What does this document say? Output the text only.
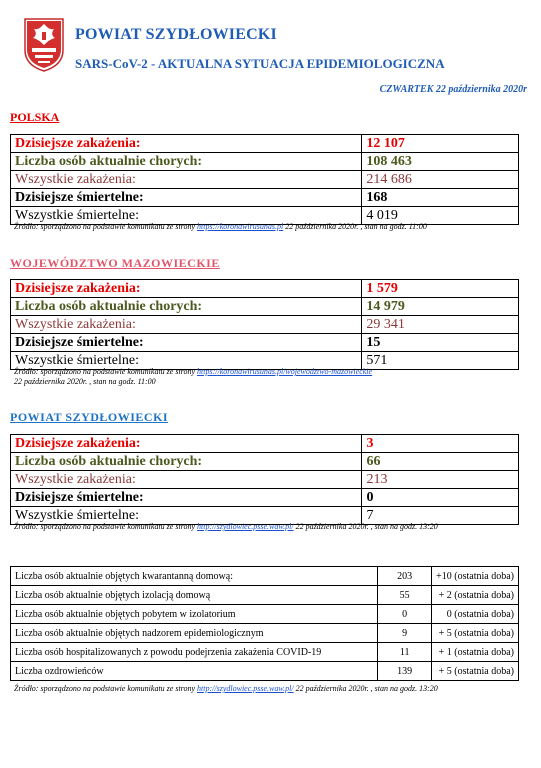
POWIAT SZYDŁOWIECKI
SARS-CoV-2 - AKTUALNA SYTUACJA EPIDEMIOLOGICZNA
CZWARTEK 22 października 2020r
POLSKA
Dzisiejsze zakażenia:	12 107
Liczba osób aktualnie chorych:	108 463
Wszystkie zakażenia:	214 686
Dzisiejsze śmiertelne:	168
Wszystkie śmiertelne:	4 019
Źródło: sporządzono na podstawie komunikatu ze strony https://koronawirusunas.pl 22 października 2020r. , stan na godz. 11:00
WOJEWÓDZTWO MAZOWIECKIE
Dzisiejsze zakażenia:	1 579
Liczba osób aktualnie chorych:	14 979
Wszystkie zakażenia:	29 341
Dzisiejsze śmiertelne:	15
Wszystkie śmiertelne:	571
Źródło: sporządzono na podstawie komunikatu ze strony https://koronawirusunas.pl/wojewodztwo-mazowieckie
22 października 2020r. , stan na godz. 11:00
POWIAT SZYDŁOWIECKI
Dzisiejsze zakażenia:	3
Liczba osób aktualnie chorych:	66
Wszystkie zakażenia:	213
Dzisiejsze śmiertelne:	0
Wszystkie śmiertelne:	7
Źródło: sporządzono na podstawie komunikatu ze strony http://szydlowiec.psse.waw.pl/ 22 października 2020r. , stan na godz. 13:20
Liczba osób aktualnie objętych kwarantanną domową:	203	+10 (ostatnia doba)
Liczba osób aktualnie objętych izolacją domową	55	+ 2 (ostatnia doba)
Liczba osób aktualnie objętych pobytem w izolatorium	0	0 (ostatnia doba)
Liczba osób aktualnie objętych nadzorem epidemiologicznym	9	+ 5 (ostatnia doba)
Liczba osób hospitalizowanych z powodu podejrzenia zakażenia COVID-19	11	+ 1 (ostatnia doba)
Liczba ozdrowieńców	139	+ 5 (ostatnia doba)
Źródło: sporządzono na podstawie komunikatu ze strony http://szydlowiec.psse.waw.pl/ 22 października 2020r. , stan na godz. 13:20
